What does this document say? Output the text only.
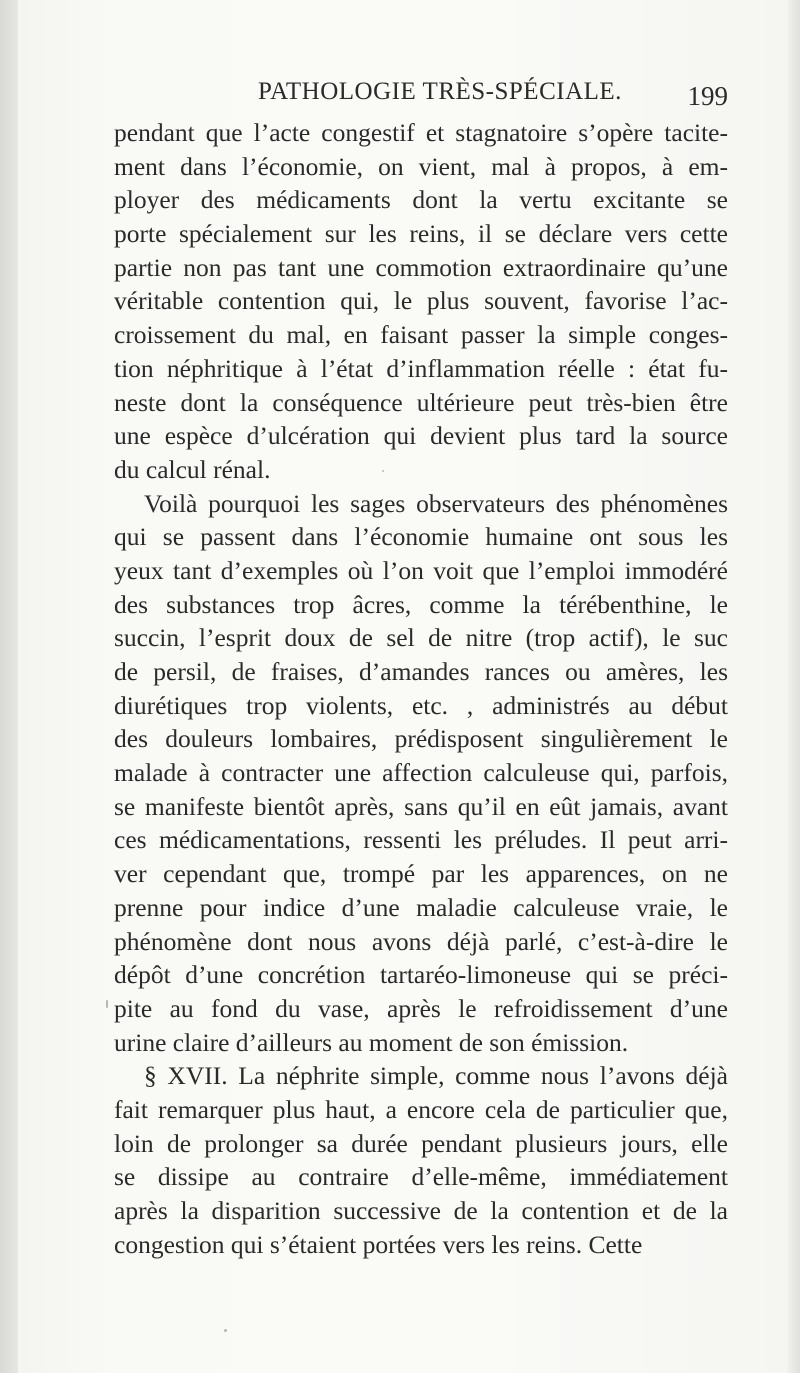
PATHOLOGIE TRÈS-SPÉCIALE. 199
pendant que l’acte congestif et stagnatoire s’opère tacite-
ment dans l’économie, on vient, mal à propos, à em-
ployer des médicaments dont la vertu excitante se
porte spécialement sur les reins, il se déclare vers cette
partie non pas tant une commotion extraordinaire qu’une
véritable contention qui, le plus souvent, favorise l’ac-
croissement du mal, en faisant passer la simple conges-
tion néphritique à l’état d’inflammation réelle : état fu-
neste dont la conséquence ultérieure peut très-bien être
une espèce d’ulcération qui devient plus tard la source
du calcul rénal.
Voilà pourquoi les sages observateurs des phénomènes
qui se passent dans l’économie humaine ont sous les
yeux tant d’exemples où l’on voit que l’emploi immodéré
des substances trop âcres, comme la térébenthine, le
succin, l’esprit doux de sel de nitre (trop actif), le suc
de persil, de fraises, d’amandes rances ou amères, les
diurétiques trop violents, etc. , administrés au début
des douleurs lombaires, prédisposent singulièrement le
malade à contracter une affection calculeuse qui, parfois,
se manifeste bientôt après, sans qu’il en eût jamais, avant
ces médicamentations, ressenti les préludes. Il peut arri-
ver cependant que, trompé par les apparences, on ne
prenne pour indice d’une maladie calculeuse vraie, le
phénomène dont nous avons déjà parlé, c’est-à-dire le
dépôt d’une concrétion tartaréo-limoneuse qui se préci-
pite au fond du vase, après le refroidissement d’une
urine claire d’ailleurs au moment de son émission.
§ XVII. La néphrite simple, comme nous l’avons déjà
fait remarquer plus haut, a encore cela de particulier que,
loin de prolonger sa durée pendant plusieurs jours, elle
se dissipe au contraire d’elle-même, immédiatement
après la disparition successive de la contention et de la
congestion qui s’étaient portées vers les reins. Cette
